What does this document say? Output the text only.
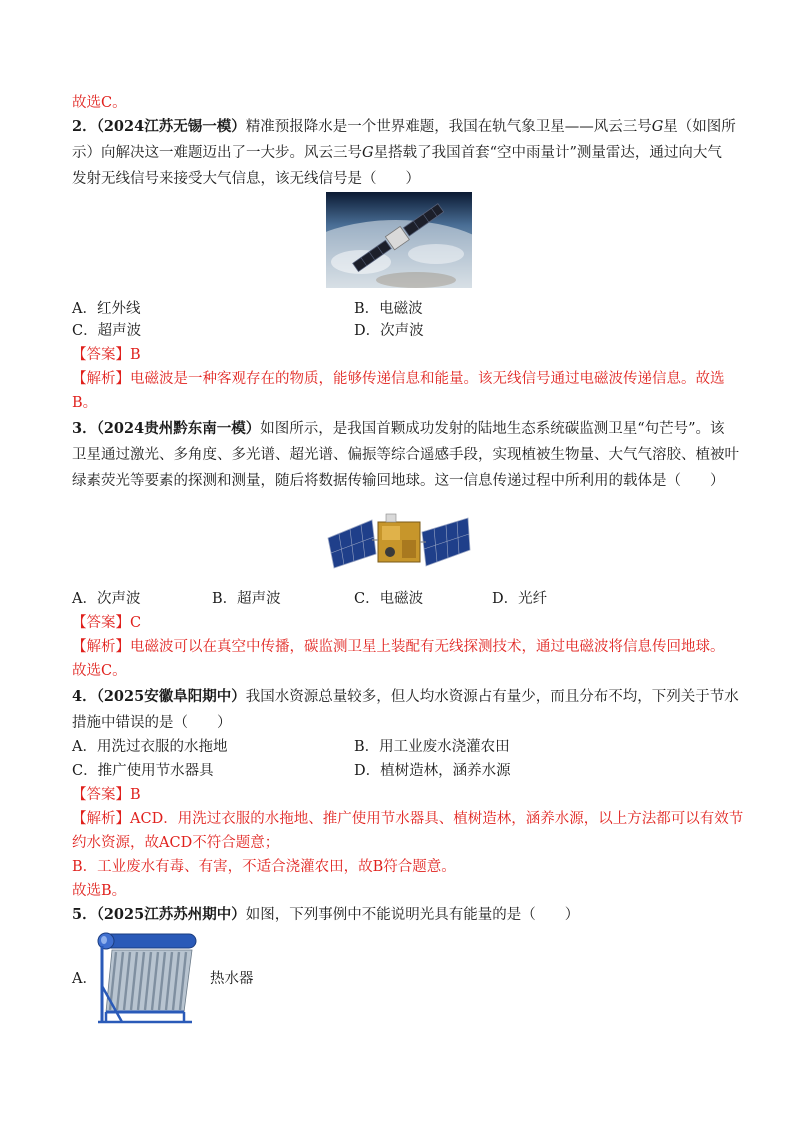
故选C。
2．（2024江苏无锡一模）精准预报降水是一个世界难题，我国在轨气象卫星——风云三号G星（如图所
示）向解决这一难题迈出了一大步。风云三号G星搭载了我国首套“空中雨量计”测量雷达，通过向大气
发射无线信号来接受大气信息，该无线信号是（　　）
A．红外线	B．电磁波
C．超声波	D．次声波
【答案】B
【解析】电磁波是一种客观存在的物质，能够传递信息和能量。该无线信号通过电磁波传递信息。故选
B。
3．（2024贵州黔东南一模）如图所示，是我国首颗成功发射的陆地生态系统碳监测卫星“句芒号”。该
卫星通过激光、多角度、多光谱、超光谱、偏振等综合遥感手段，实现植被生物量、大气气溶胶、植被叶
绿素荧光等要素的探测和测量，随后将数据传输回地球。这一信息传递过程中所利用的载体是（　　）
A．次声波	B．超声波	C．电磁波	D．光纤
【答案】C
【解析】电磁波可以在真空中传播，碳监测卫星上装配有无线探测技术，通过电磁波将信息传回地球。
故选C。
4．（2025安徽阜阳期中）我国水资源总量较多，但人均水资源占有量少，而且分布不均，下列关于节水
措施中错误的是（　　）
A．用洗过衣服的水拖地	B．用工业废水浇灌农田
C．推广使用节水器具	D．植树造林，涵养水源
【答案】B
【解析】ACD．用洗过衣服的水拖地、推广使用节水器具、植树造林，涵养水源，以上方法都可以有效节
约水资源，故ACD不符合题意；
B．工业废水有毒、有害，不适合浇灌农田，故B符合题意。
故选B。
5．（2025江苏苏州期中）如图，下列事例中不能说明光具有能量的是（　　）
A．	热水器
